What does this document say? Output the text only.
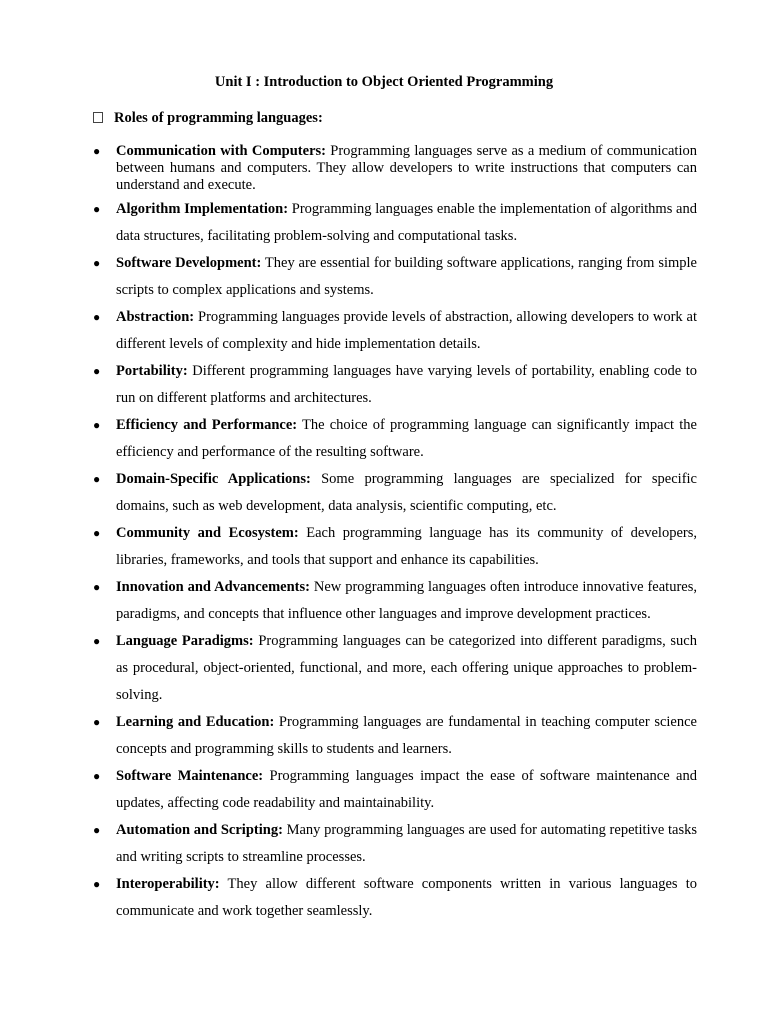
Unit I : Introduction to Object Oriented Programming
Roles of programming languages:
● Communication with Computers: Programming languages serve as a medium of communication between humans and computers. They allow developers to write instructions that computers can understand and execute.
● Algorithm Implementation: Programming languages enable the implementation of algorithms and data structures, facilitating problem-solving and computational tasks.
● Software Development: They are essential for building software applications, ranging from simple scripts to complex applications and systems.
● Abstraction: Programming languages provide levels of abstraction, allowing developers to work at different levels of complexity and hide implementation details.
● Portability: Different programming languages have varying levels of portability, enabling code to run on different platforms and architectures.
● Efficiency and Performance: The choice of programming language can significantly impact the efficiency and performance of the resulting software.
● Domain-Specific Applications: Some programming languages are specialized for specific domains, such as web development, data analysis, scientific computing, etc.
● Community and Ecosystem: Each programming language has its community of developers, libraries, frameworks, and tools that support and enhance its capabilities.
● Innovation and Advancements: New programming languages often introduce innovative features, paradigms, and concepts that influence other languages and improve development practices.
● Language Paradigms: Programming languages can be categorized into different paradigms, such as procedural, object-oriented, functional, and more, each offering unique approaches to problem-solving.
● Learning and Education: Programming languages are fundamental in teaching computer science concepts and programming skills to students and learners.
● Software Maintenance: Programming languages impact the ease of software maintenance and updates, affecting code readability and maintainability.
● Automation and Scripting: Many programming languages are used for automating repetitive tasks and writing scripts to streamline processes.
● Interoperability: They allow different software components written in various languages to communicate and work together seamlessly.
